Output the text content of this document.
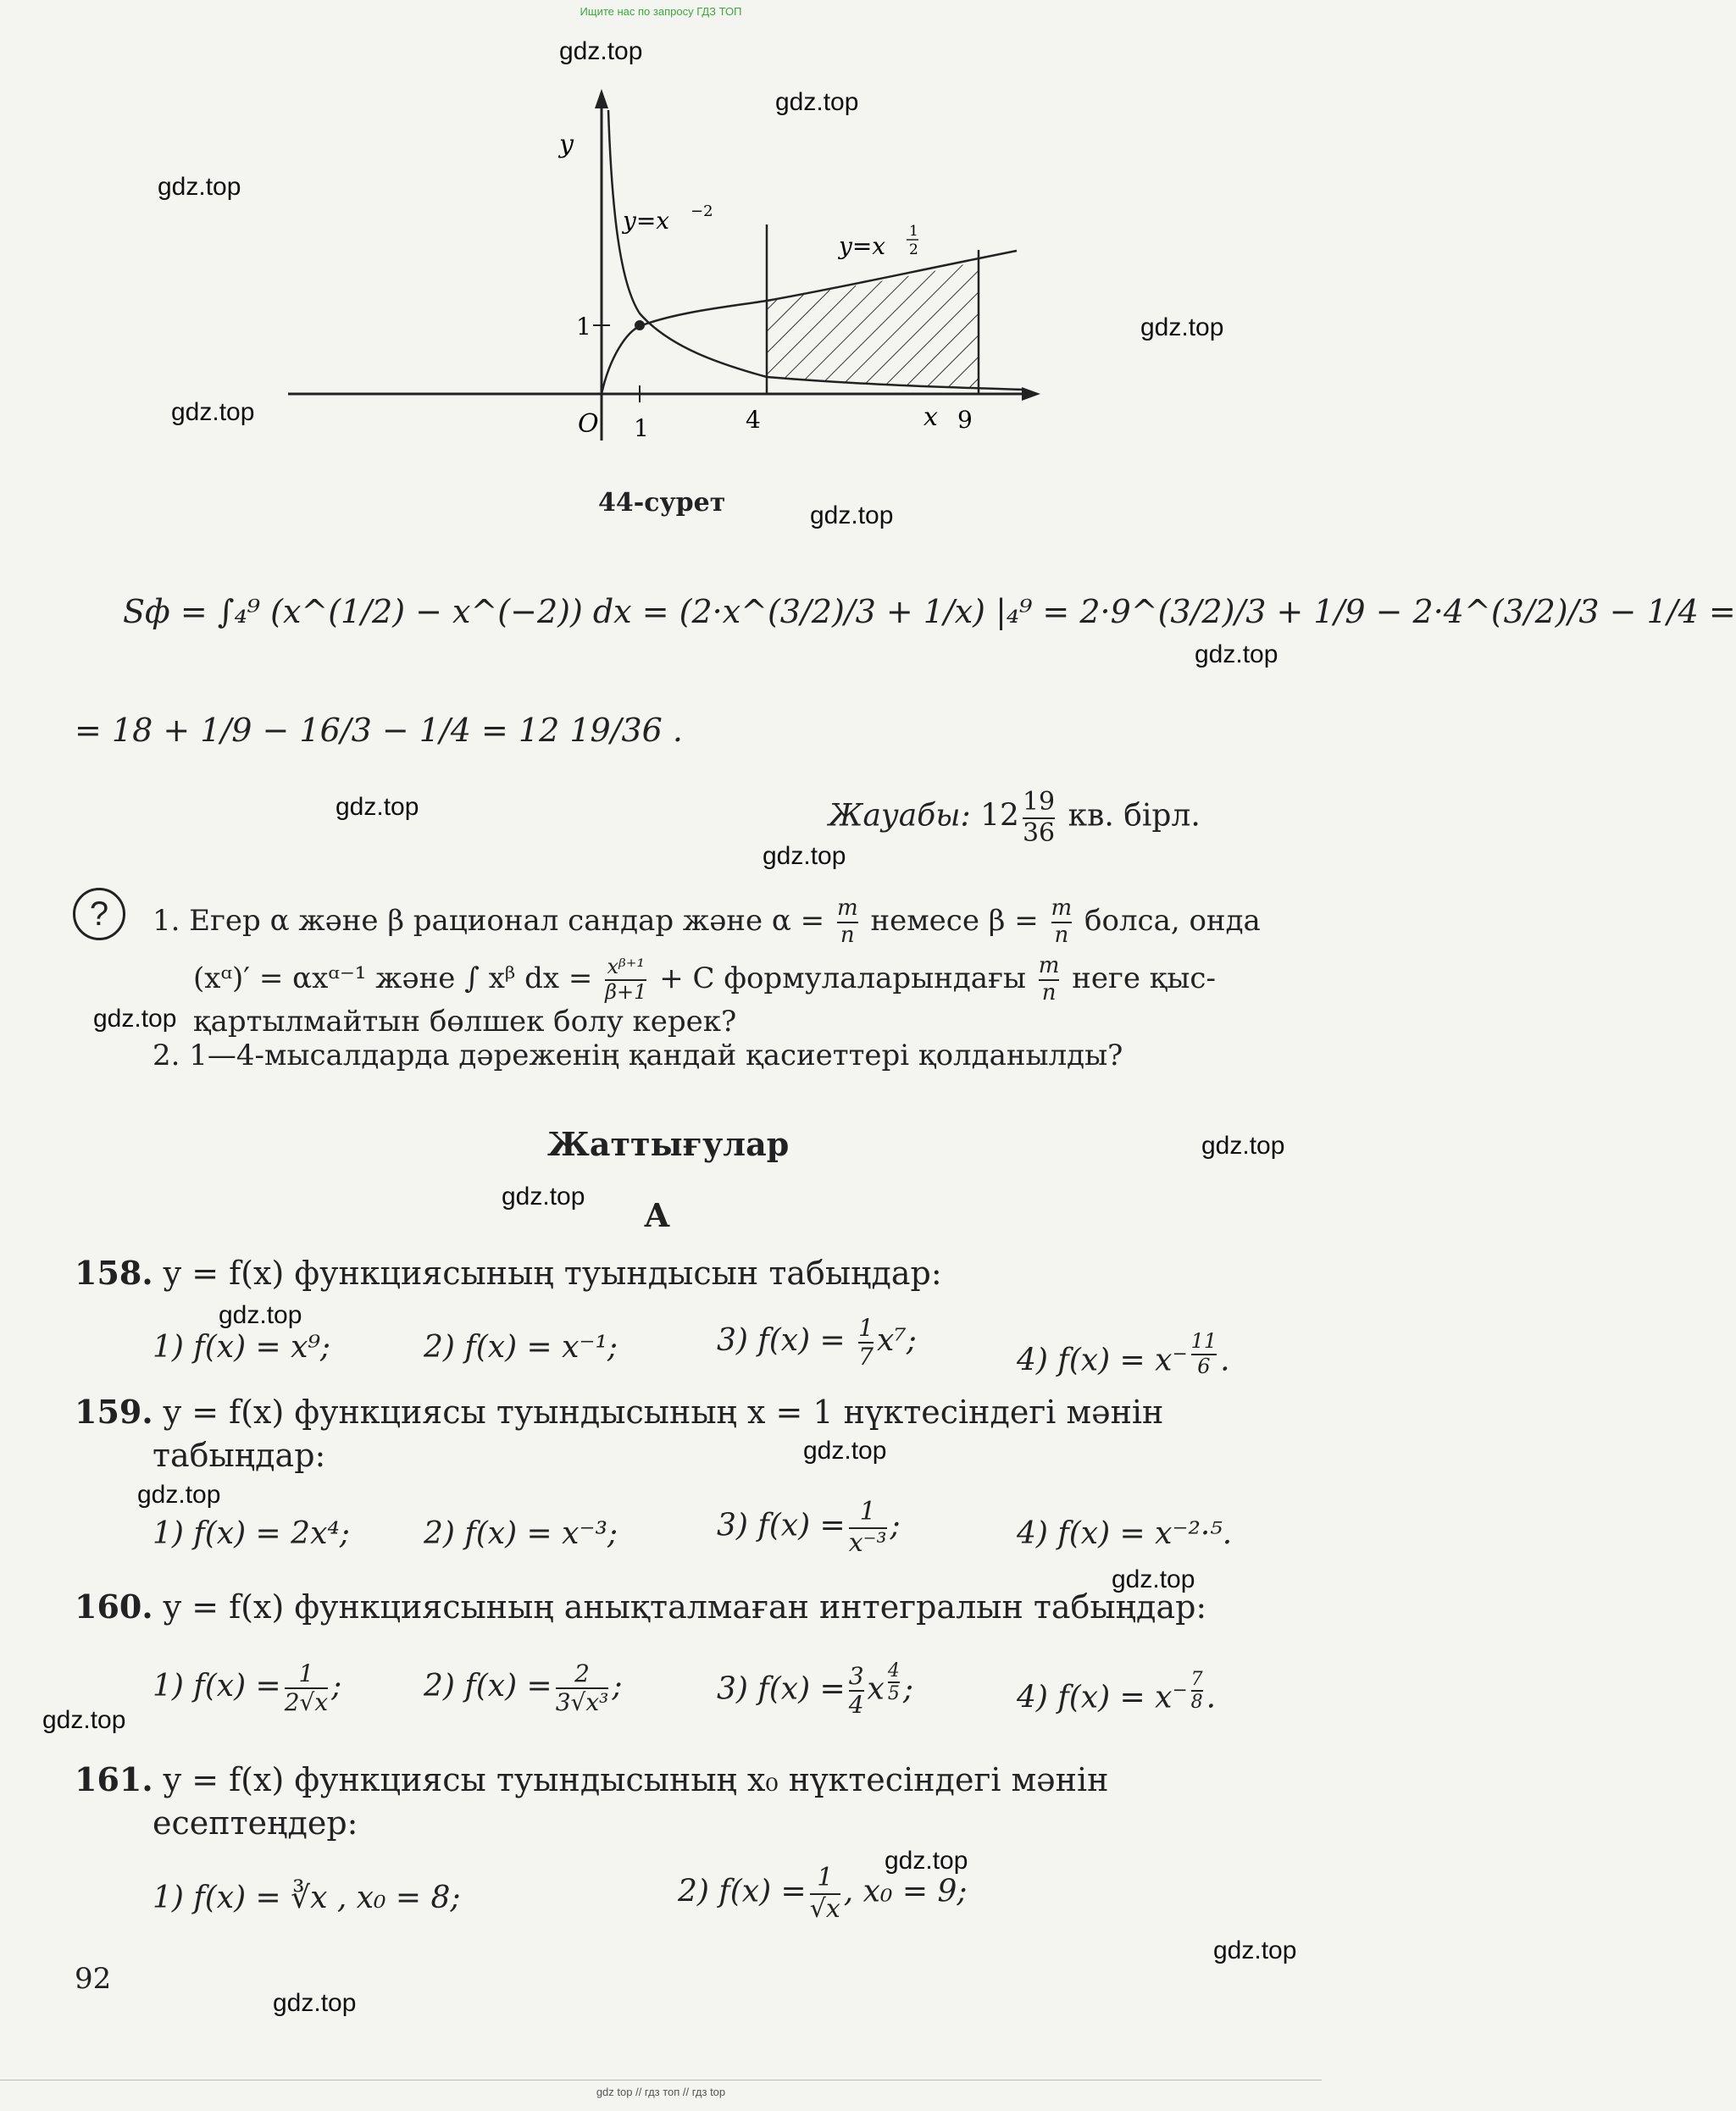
Ищите нас по запросу ГДЗ ТОП
gdz.top
gdz.top
gdz.top
gdz.top
gdz.top
gdz.top
gdz.top
gdz.top
gdz.top
gdz.top
gdz.top
gdz.top
gdz.top
gdz.top
gdz.top
gdz.top
gdz.top
gdz.top
gdz.top
gdz.top
y
x
O 1
1
4	9
y=x −2
y=x
1
2
44-сурет
Sф = ∫₄⁹ (x^(1/2) − x^(−2)) dx = (2·x^(3/2)/3 + 1/x) |₄⁹ = 2·9^(3/2)/3 + 1/9 − 2·4^(3/2)/3 − 1/4 =
= 18 + 1/9 − 16/3 − 1/4 = 12 19/36 .
Жауабы: $12 \frac{19}{36}$ кв. бірл.
?	1. Егер α және β рационал сандар және $\alpha = \frac{m}{n}$ немесе $\beta = \frac{m}{n}$ болса, онда
(xᵅ)′ = αxᵅ⁻¹ және ∫ xᵝ dx = $\frac{\text{xᵝ⁺¹}}{\beta+1} + C$ формулаларындағы $\frac{m}{n}$ неге қыс-
қартылмайтын бөлшек болу керек?
2. 1—4-мысалдарда дәреженің қандай қасиеттері қолданылды?
Жаттығулар
А
158. y = f(x) функциясының туындысын табыңдар:
1) f(x) = x⁹;	2) f(x) = x⁻¹;	3) $f(x) = \frac{1}{7} x^7$;
4) $f(x) = x^{- \frac{11}{6}}$ .
159. y = f(x) функциясы туындысының x = 1 нүктесіндегі мәнін
табыңдар:
1) f(x) = 2x⁴; 2) f(x) = x⁻³;	3) $f(x) = \frac{1}{\text{x⁻³}}$ ;	4) f(x) = x⁻²·⁵.
160. y = f(x) функциясының анықталмаған интегралын табыңдар:
1) $f(x) = \frac{1}{2√x}$ ;	2) $f(x) = \frac{2}{\text{3√x³}}$ ;	3) $f(x) = \frac{3}{4}$ x $^{\frac{4}{5}}$ ;	4) $f(x) = x^{- \frac{7}{8}}$ .
161. y = f(x) функциясы туындысының x₀ нүктесіндегі мәнін
есептеңдер:
1) f(x) = ∛x , x₀ = 8;	2) $f(x) = \frac{1}{√x}$ , x₀ = 9;
92
gdz top // гдз топ // гдз top
